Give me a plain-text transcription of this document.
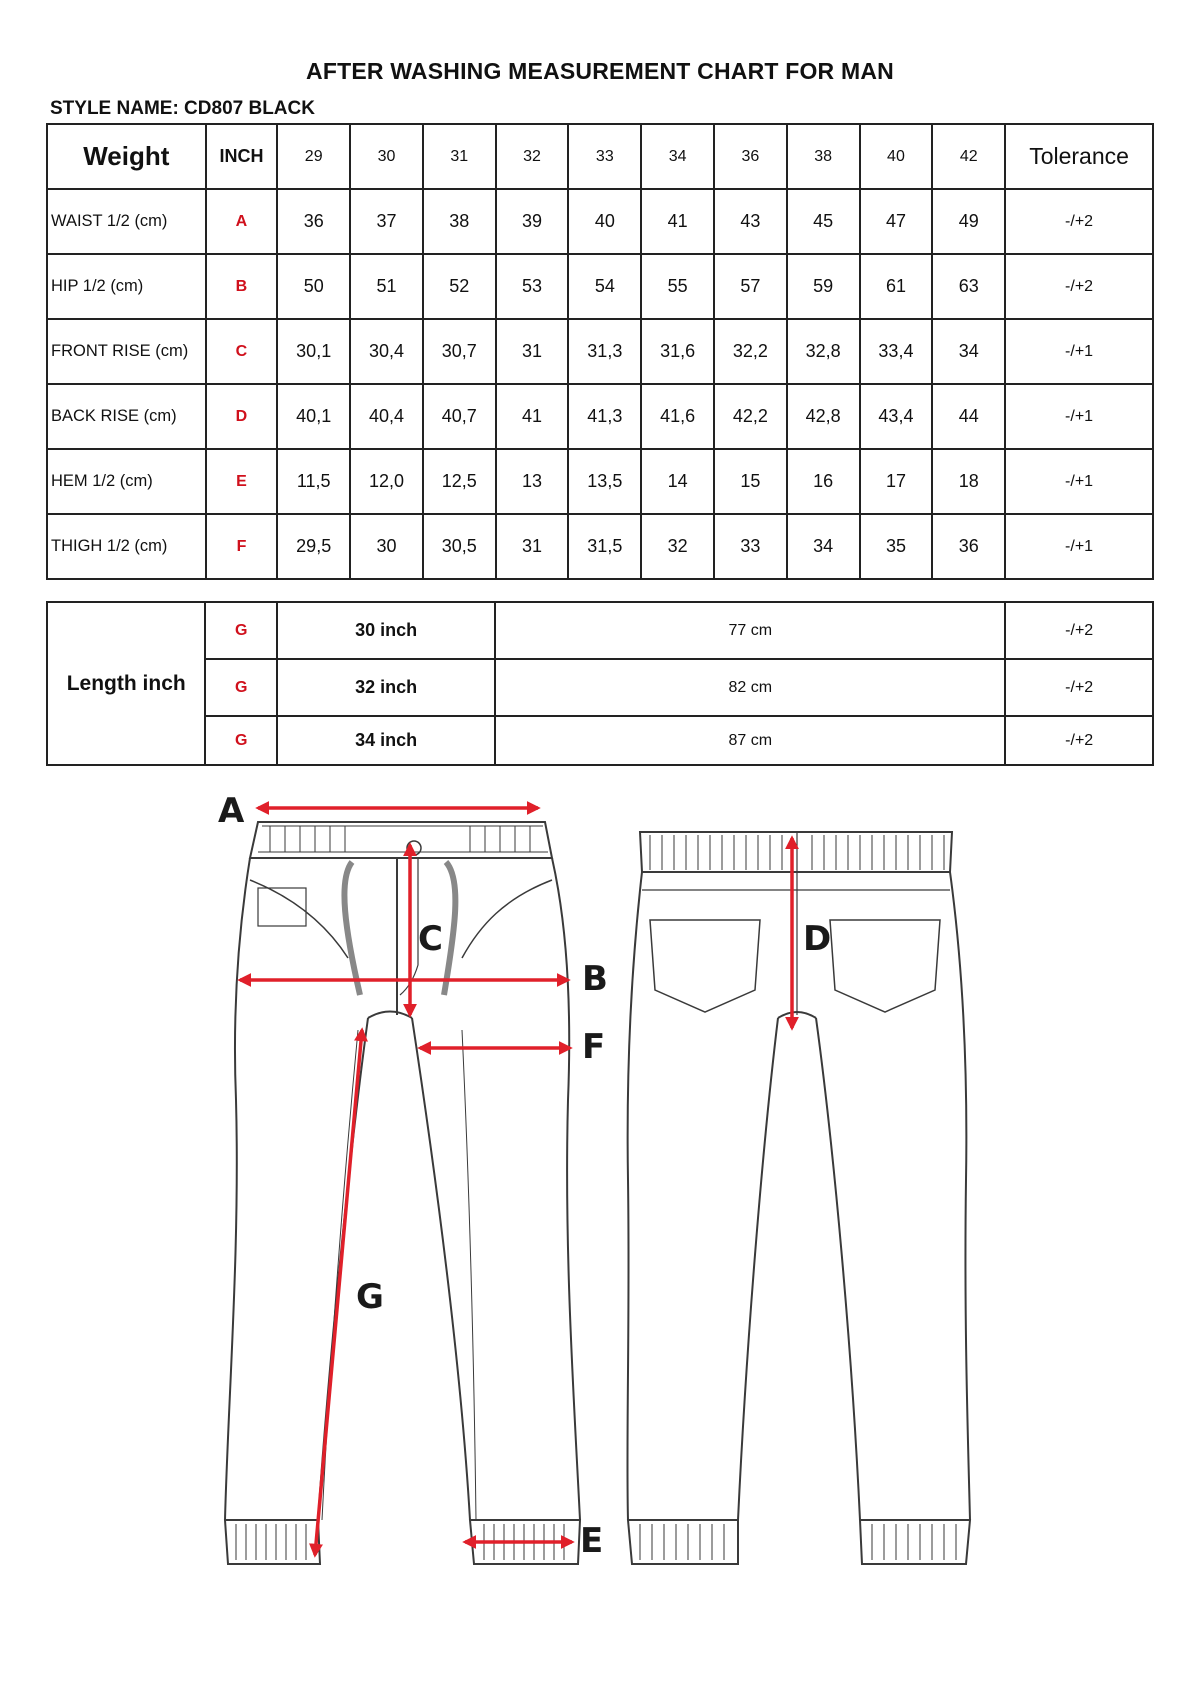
AFTER WASHING MEASUREMENT CHART FOR MAN
STYLE NAME: CD807 BLACK
Weight	INCH	29	30	31	32	33	34	36	38	40	42	Tolerance
WAIST 1/2 (cm)	A	36	37	38	39	40	41	43	45	47	49	-/+2
HIP 1/2 (cm)	B	50	51	52	53	54	55	57	59	61	63	-/+2
FRONT RISE (cm)	C	30,1	30,4	30,7	31	31,3	31,6	32,2	32,8	33,4	34	-/+1
BACK RISE (cm)	D	40,1	40,4	40,7	41	41,3	41,6	42,2	42,8	43,4	44	-/+1
HEM 1/2 (cm)	E	11,5	12,0	12,5	13	13,5	14	15	16	17	18	-/+1
THIGH 1/2 (cm)	F	29,5	30	30,5	31	31,5	32	33	34	35	36	-/+1
Length inch	G	30 inch	77 cm	-/+2
	G	32 inch	82 cm	-/+2
	G	34 inch	87 cm	-/+2
A
B
C	D
E
F
G
